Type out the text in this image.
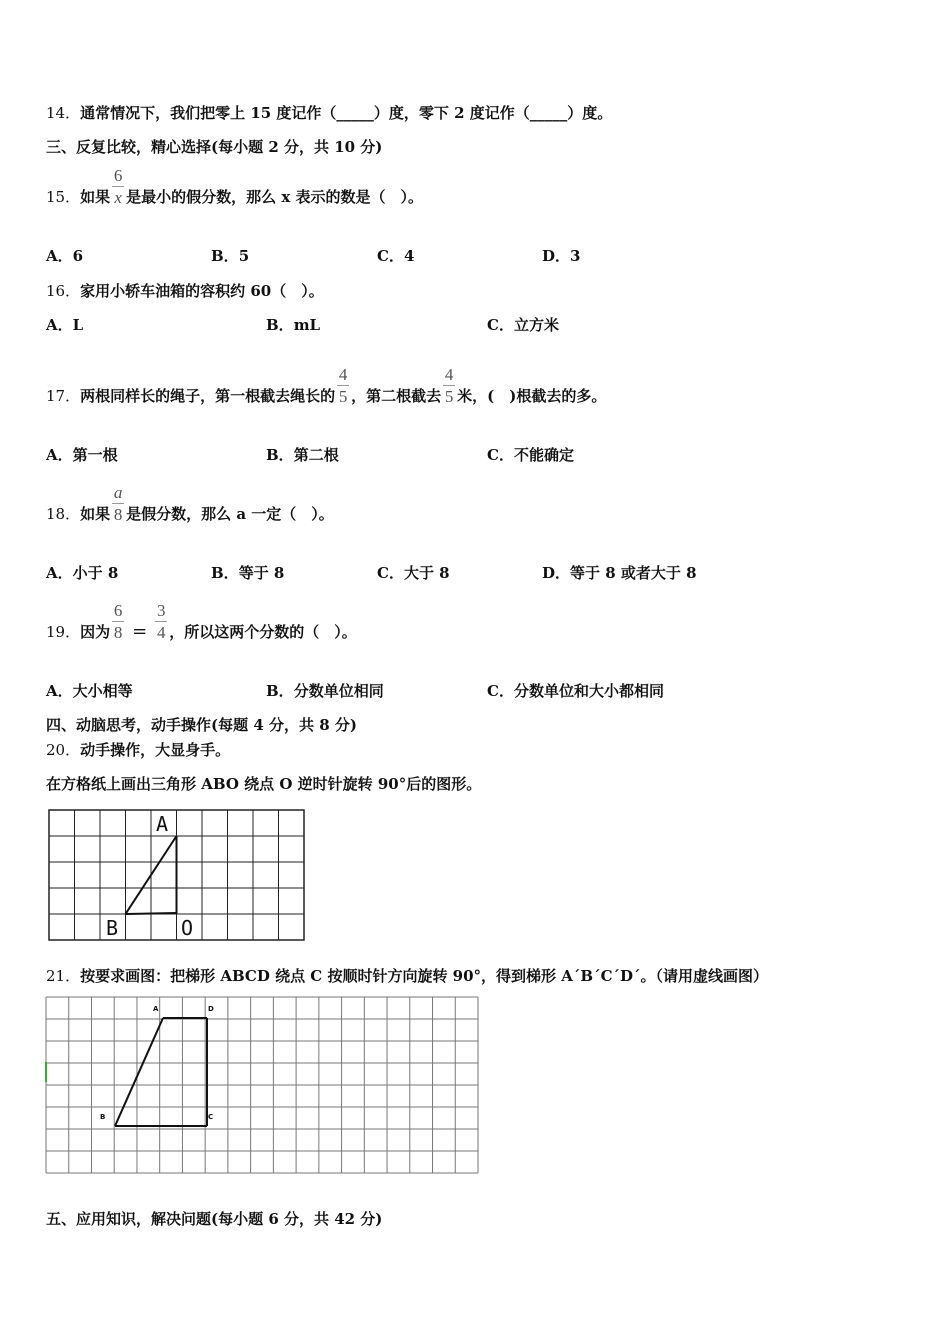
14．通常情况下，我们把零上 15 度记作（_____）度，零下 2 度记作（_____）度。
三、反复比较，精心选择(每小题 2 分，共 10 分)
15．如果
$\frac{6}{x}$
是最小的假分数，那么 x 表示的数是（　）。
A．6	B．5	C．4	D．3
16．家用小轿车油箱的容积约 60（　）。
A．L	B．mL	C．立方米
17．两根同样长的绳子，第一根截去绳长的
$\frac{4}{5}$
，第二根截去
$\frac{4}{5}$
米，(　)根截去的多。
A．第一根	B．第二根	C．不能确定
18．如果
$\frac{a}{8}$
是假分数，那么 a 一定（　）。
A．小于 8	B．等于 8	C．大于 8	D．等于 8 或者大于 8
19．因为
$\frac{6}{8}$
=
$\frac{3}{4}$
，所以这两个分数的（　）。
A．大小相等	B．分数单位相同	C．分数单位和大小都相同
四、动脑思考，动手操作(每题 4 分，共 8 分)
20．动手操作，大显身手。
在方格纸上画出三角形 ABO 绕点 O 逆时针旋转 90°后的图形。
A
B	O
21．按要求画图：把梯形 ABCD 绕点 C 按顺时针方向旋转 90°，得到梯形 A´B´C´D´。（请用虚线画图）
A	D
B	C
五、应用知识，解决问题(每小题 6 分，共 42 分)
